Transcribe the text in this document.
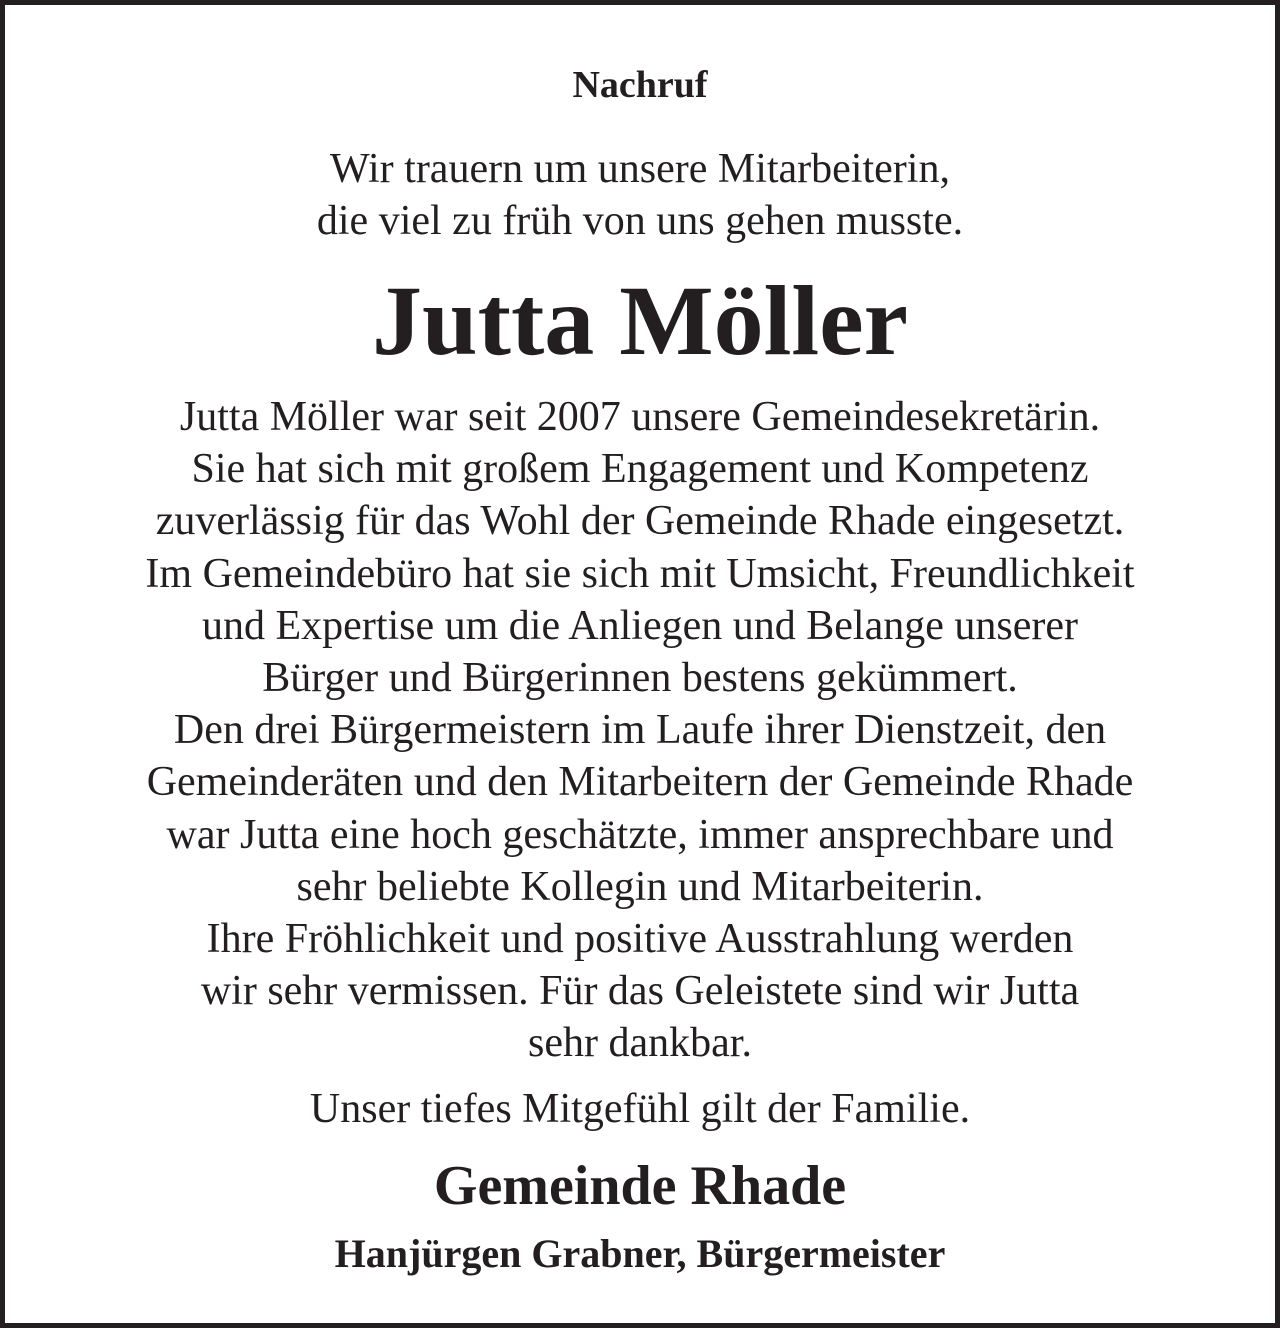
Nachruf
Wir trauern um unsere Mitarbeiterin,
die viel zu früh von uns gehen musste.
Jutta Möller
Jutta Möller war seit 2007 unsere Gemeindesekretärin.
Sie hat sich mit großem Engagement und Kompetenz
zuverlässig für das Wohl der Gemeinde Rhade eingesetzt.
Im Gemeindebüro hat sie sich mit Umsicht, Freundlichkeit
und Expertise um die Anliegen und Belange unserer
Bürger und Bürgerinnen bestens gekümmert.
Den drei Bürgermeistern im Laufe ihrer Dienstzeit, den
Gemeinderäten und den Mitarbeitern der Gemeinde Rhade
war Jutta eine hoch geschätzte, immer ansprechbare und
sehr beliebte Kollegin und Mitarbeiterin.
Ihre Fröhlichkeit und positive Ausstrahlung werden
wir sehr vermissen. Für das Geleistete sind wir Jutta
sehr dankbar.
Unser tiefes Mitgefühl gilt der Familie.
Gemeinde Rhade
Hanjürgen Grabner, Bürgermeister
